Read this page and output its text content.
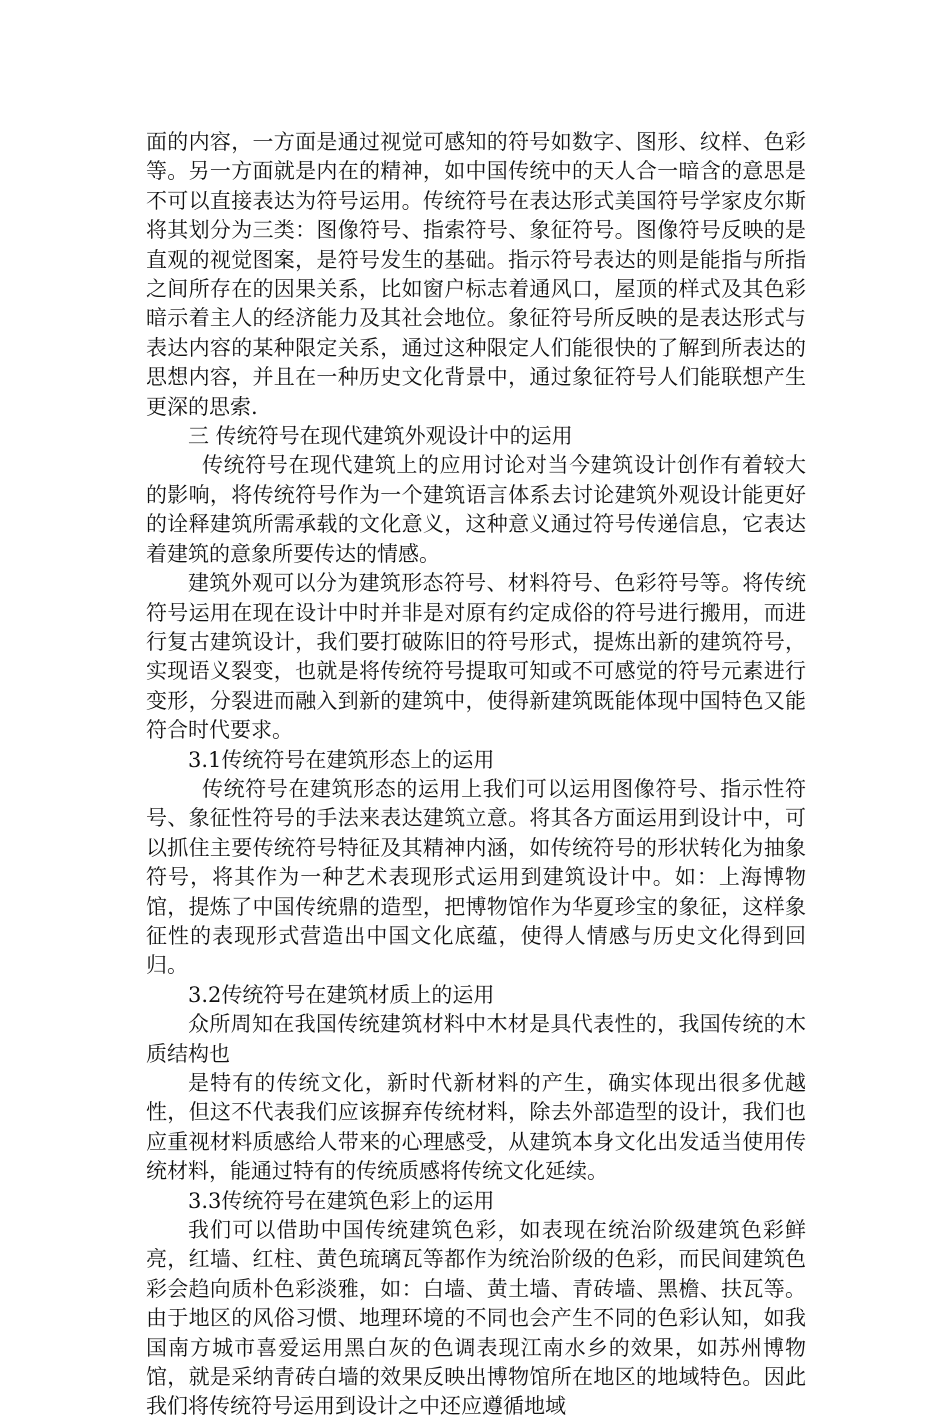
面的内容，一方面是通过视觉可感知的符号如数字、图形、纹样、色彩等。另一方面就是内在的精神，如中国传统中的天人合一暗含的意思是不可以直接表达为符号运用。传统符号在表达形式美国符号学家皮尔斯将其划分为三类：图像符号、指索符号、象征符号。图像符号反映的是直观的视觉图案，是符号发生的基础。指示符号表达的则是能指与所指之间所存在的因果关系，比如窗户标志着通风口，屋顶的样式及其色彩暗示着主人的经济能力及其社会地位。象征符号所反映的是表达形式与表达内容的某种限定关系，通过这种限定人们能很快的了解到所表达的思想内容，并且在一种历史文化背景中，通过象征符号人们能联想产生更深的思索.

三 传统符号在现代建筑外观设计中的运用

传统符号在现代建筑上的应用讨论对当今建筑设计创作有着较大的影响，将传统符号作为一个建筑语言体系去讨论建筑外观设计能更好的诠释建筑所需承载的文化意义，这种意义通过符号传递信息，它表达着建筑的意象所要传达的情感。

建筑外观可以分为建筑形态符号、材料符号、色彩符号等。将传统符号运用在现在设计中时并非是对原有约定成俗的符号进行搬用，而进行复古建筑设计，我们要打破陈旧的符号形式，提炼出新的建筑符号，实现语义裂变，也就是将传统符号提取可知或不可感觉的符号元素进行变形，分裂进而融入到新的建筑中，使得新建筑既能体现中国特色又能符合时代要求。

3.1传统符号在建筑形态上的运用

传统符号在建筑形态的运用上我们可以运用图像符号、指示性符号、象征性符号的手法来表达建筑立意。将其各方面运用到设计中，可以抓住主要传统符号特征及其精神内涵，如传统符号的形状转化为抽象符号，将其作为一种艺术表现形式运用到建筑设计中。如：上海博物馆，提炼了中国传统鼎的造型，把博物馆作为华夏珍宝的象征，这样象征性的表现形式营造出中国文化底蕴，使得人情感与历史文化得到回归。

3.2传统符号在建筑材质上的运用

众所周知在我国传统建筑材料中木材是具代表性的，我国传统的木质结构也

是特有的传统文化，新时代新材料的产生，确实体现出很多优越性，但这不代表我们应该摒弃传统材料，除去外部造型的设计，我们也应重视材料质感给人带来的心理感受，从建筑本身文化出发适当使用传统材料，能通过特有的传统质感将传统文化延续。

3.3传统符号在建筑色彩上的运用

我们可以借助中国传统建筑色彩，如表现在统治阶级建筑色彩鲜亮，红墙、红柱、黄色琉璃瓦等都作为统治阶级的色彩，而民间建筑色彩会趋向质朴色彩淡雅，如：白墙、黄土墙、青砖墙、黑檐、扶瓦等。由于地区的风俗习惯、地理环境的不同也会产生不同的色彩认知，如我国南方城市喜爱运用黑白灰的色调表现江南水乡的效果，如苏州博物馆，就是采纳青砖白墙的效果反映出博物馆所在地区的地域特色。因此我们将传统符号运用到设计之中还应遵循地域
